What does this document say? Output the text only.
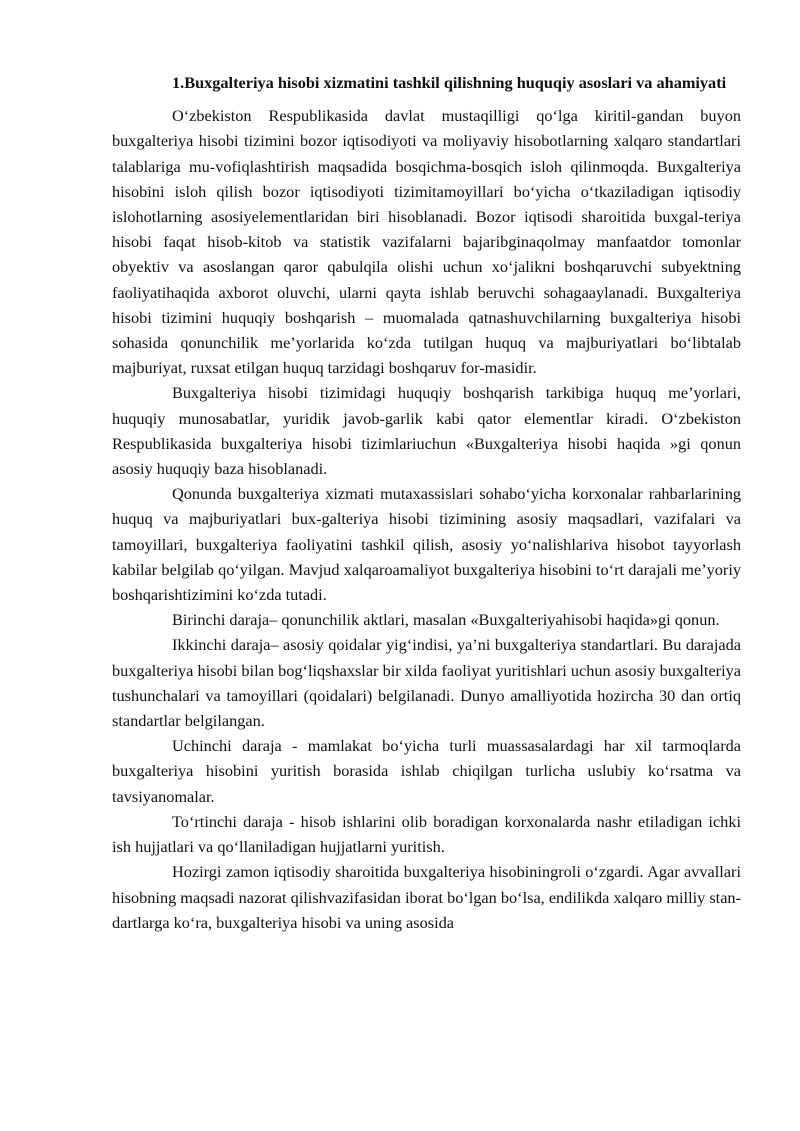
1.Buxgalteriya hisobi xizmatini tashkil qilishning huquqiy asoslari va ahamiyati

O‘zbekiston Respublikasida davlat mustaqilligi qo‘lga kiritil-gandan buyon buxgalteriya hisobi tizimini bozor iqtisodiyoti va moliyaviy hisobotlarning xalqaro standartlari talablariga mu-vofiqlashtirish maqsadida bosqichma-bosqich isloh qilinmoqda. Buxgalteriya hisobini isloh qilish bozor iqtisodiyoti tizimitamoyillari bo‘yicha o‘tkaziladigan iqtisodiy islohotlarning asosiyelementlaridan biri hisoblanadi. Bozor iqtisodi sharoitida buxgal-teriya hisobi faqat hisob-kitob va statistik vazifalarni bajaribginaqolmay manfaatdor tomonlar obyektiv va asoslangan qaror qabulqila olishi uchun xo‘jalikni boshqaruvchi subyektning faoliyatihaqida axborot oluvchi, ularni qayta ishlab beruvchi sohagaaylanadi. Buxgalteriya hisobi tizimini huquqiy boshqarish – muomalada qatnashuvchilarning buxgalteriya hisobi sohasida qonunchilik me’yorlarida ko‘zda tutilgan huquq va majburiyatlari bo‘libtalab majburiyat, ruxsat etilgan huquq tarzidagi boshqaruv for-masidir.

Buxgalteriya hisobi tizimidagi huquqiy boshqarish tarkibiga huquq me’yorlari, huquqiy munosabatlar, yuridik javob-garlik kabi qator elementlar kiradi. O‘zbekiston Respublikasida buxgalteriya hisobi tizimlariuchun «Buxgalteriya hisobi haqida »gi qonun asosiy huquqiy baza hisoblanadi.

Qonunda buxgalteriya xizmati mutaxassislari sohabo‘yicha korxonalar rahbarlarining huquq va majburiyatlari bux-galteriya hisobi tizimining asosiy maqsadlari, vazifalari va tamoyillari, buxgalteriya faoliyatini tashkil qilish, asosiy yo‘nalishlariva hisobot tayyorlash kabilar belgilab qo‘yilgan. Mavjud xalqaroamaliyot buxgalteriya hisobini to‘rt darajali me’yoriy boshqarishtizimini ko‘zda tutadi.

Birinchi daraja– qonunchilik aktlari, masalan «Buxgalteriyahisobi haqida»gi qonun.

Ikkinchi daraja– asosiy qoidalar yig‘indisi, ya’ni buxgalteriya standartlari. Bu darajada buxgalteriya hisobi bilan bog‘liqshaxslar bir xilda faoliyat yuritishlari uchun asosiy buxgalteriya tushunchalari va tamoyillari (qoidalari) belgilanadi. Dunyo amalliyotida hozircha 30 dan ortiq standartlar belgilangan.

Uchinchi daraja - mamlakat bo‘yicha turli muassasalardagi har xil tarmoqlarda buxgalteriya hisobini yuritish borasida ishlab chiqilgan turlicha uslubiy ko‘rsatma va tavsiyanomalar.

To‘rtinchi daraja - hisob ishlarini olib boradigan korxonalarda nashr etiladigan ichki ish hujjatlari va qo‘llaniladigan hujjatlarni yuritish.

Hozirgi zamon iqtisodiy sharoitida buxgalteriya hisobiningroli o‘zgardi. Agar avvallari hisobning maqsadi nazorat qilishvazifasidan iborat bo‘lgan bo‘lsa, endilikda xalqaro milliy stan-dartlarga ko‘ra, buxgalteriya hisobi va uning asosida
